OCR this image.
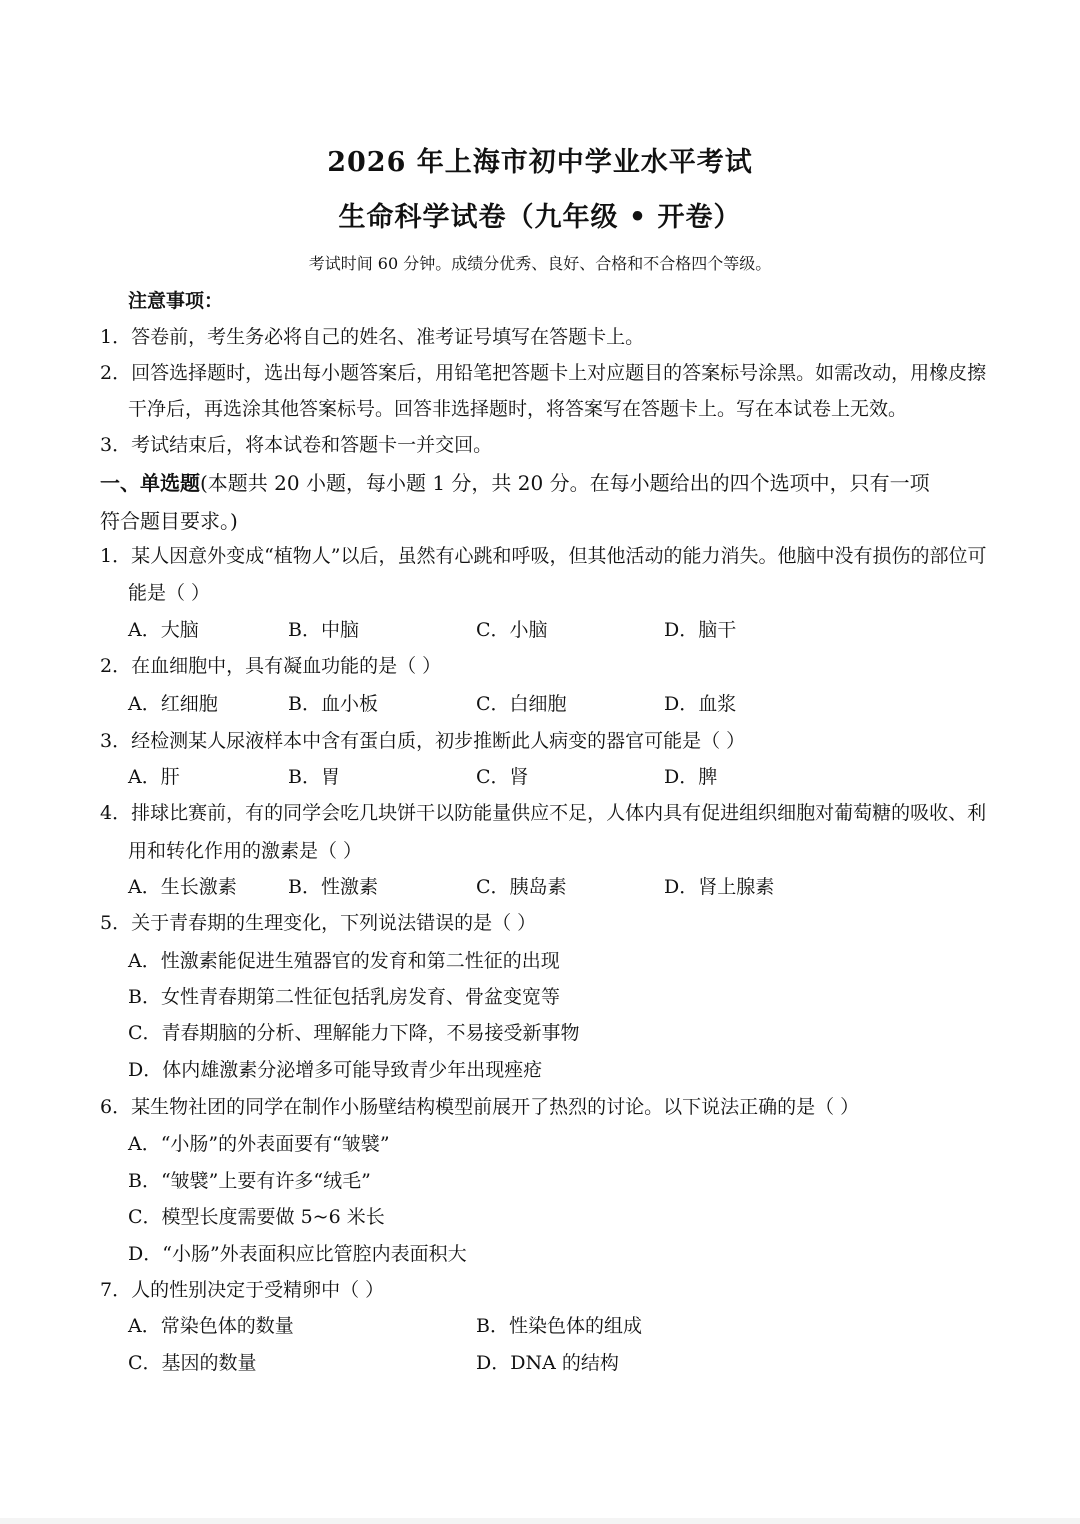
2026 年上海市初中学业水平考试
生命科学试卷（九年级 • 开卷）
考试时间 60 分钟。成绩分优秀、良好、合格和不合格四个等级。
注意事项：
1．答卷前，考生务必将自己的姓名、准考证号填写在答题卡上。
2．回答选择题时，选出每小题答案后，用铅笔把答题卡上对应题目的答案标号涂黑。如需改动，用橡皮擦
干净后，再选涂其他答案标号。回答非选择题时，将答案写在答题卡上。写在本试卷上无效。
3．考试结束后，将本试卷和答题卡一并交回。
一、单选题(本题共 20 小题，每小题 1 分，共 20 分。在每小题给出的四个选项中，只有一项
符合题目要求。)
1．某人因意外变成“植物人”以后，虽然有心跳和呼吸，但其他活动的能力消失。他脑中没有损伤的部位可
能是（ ）
A．大脑	B．中脑	C．小脑	D．脑干
2．在血细胞中，具有凝血功能的是（ ）
A．红细胞	B．血小板	C．白细胞	D．血浆
3．经检测某人尿液样本中含有蛋白质，初步推断此人病变的器官可能是（ ）
A．肝	B．胃	C．肾	D．脾
4．排球比赛前，有的同学会吃几块饼干以防能量供应不足，人体内具有促进组织细胞对葡萄糖的吸收、利
用和转化作用的激素是（ ）
A．生长激素	B．性激素	C．胰岛素	D．肾上腺素
5．关于青春期的生理变化，下列说法错误的是（ ）
A．性激素能促进生殖器官的发育和第二性征的出现
B．女性青春期第二性征包括乳房发育、骨盆变宽等
C．青春期脑的分析、理解能力下降，不易接受新事物
D．体内雄激素分泌增多可能导致青少年出现痤疮
6．某生物社团的同学在制作小肠壁结构模型前展开了热烈的讨论。以下说法正确的是（ ）
A．“小肠”的外表面要有“皱襞”
B．“皱襞”上要有许多“绒毛”
C．模型长度需要做 5~6 米长
D．“小肠”外表面积应比管腔内表面积大
7．人的性别决定于受精卵中（ ）
A．常染色体的数量	B．性染色体的组成
C．基因的数量	D．DNA 的结构
